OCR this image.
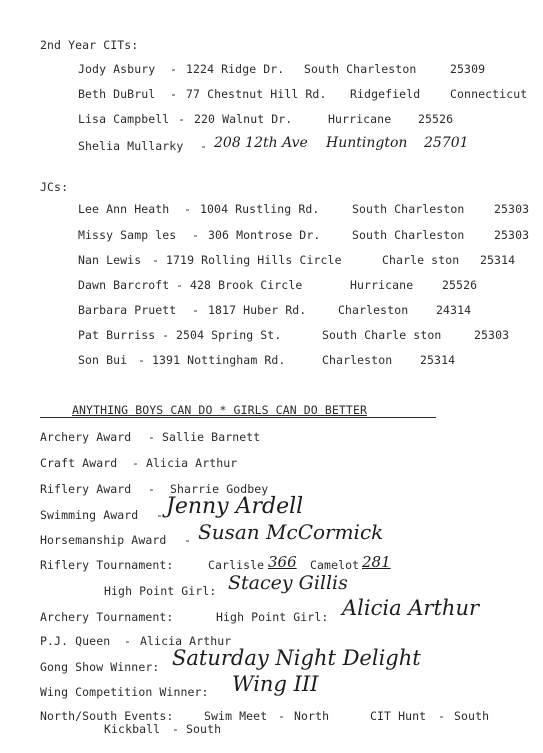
2nd Year CITs:
Jody Asbury - 1224 Ridge Dr. South Charleston	25309
Beth DuBrul - 77 Chestnut Hill Rd. Ridgefield	Connecticut
Lisa Campbell - 220 Walnut Dr.	Hurricane 25526
Shelia Mullarky - 208 12th Ave Huntington 25701
JCs:
Lee Ann Heath - 1004 Rustling Rd.	South Charleston	25303
Missy Samp les - 306 Montrose Dr.	South Charleston	25303
Nan Lewis - 1719 Rolling Hills Circle	Charle ston 25314
Dawn Barcroft - 428 Brook Circle	Hurricane	25526
Barbara Pruett - 1817 Huber Rd.	Charleston 24314
Pat Burriss - 2504 Spring St.	South Charle ston	25303
Son Bui - 1391 Nottingham Rd.	Charleston 25314
ANYTHING BOYS CAN DO * GIRLS CAN DO BETTER
Archery Award - Sallie Barnett
Craft Award - Alicia Arthur
Riflery Award - Sharrie Godbey
Swimming Award - Jenny Ardell
Horsemanship Award - Susan McCormick
Riflery Tournament:	Carlisle 366 Camelot 281
High Point Girl: Stacey Gillis
Archery Tournament:	High Point Girl: Alicia Arthur
P.J. Queen - Alicia Arthur
Gong Show Winner: Saturday Night Delight
Wing Competition Winner: Wing III
North/South Events:	Swim Meet - North	CIT Hunt - South
Kickball - South
